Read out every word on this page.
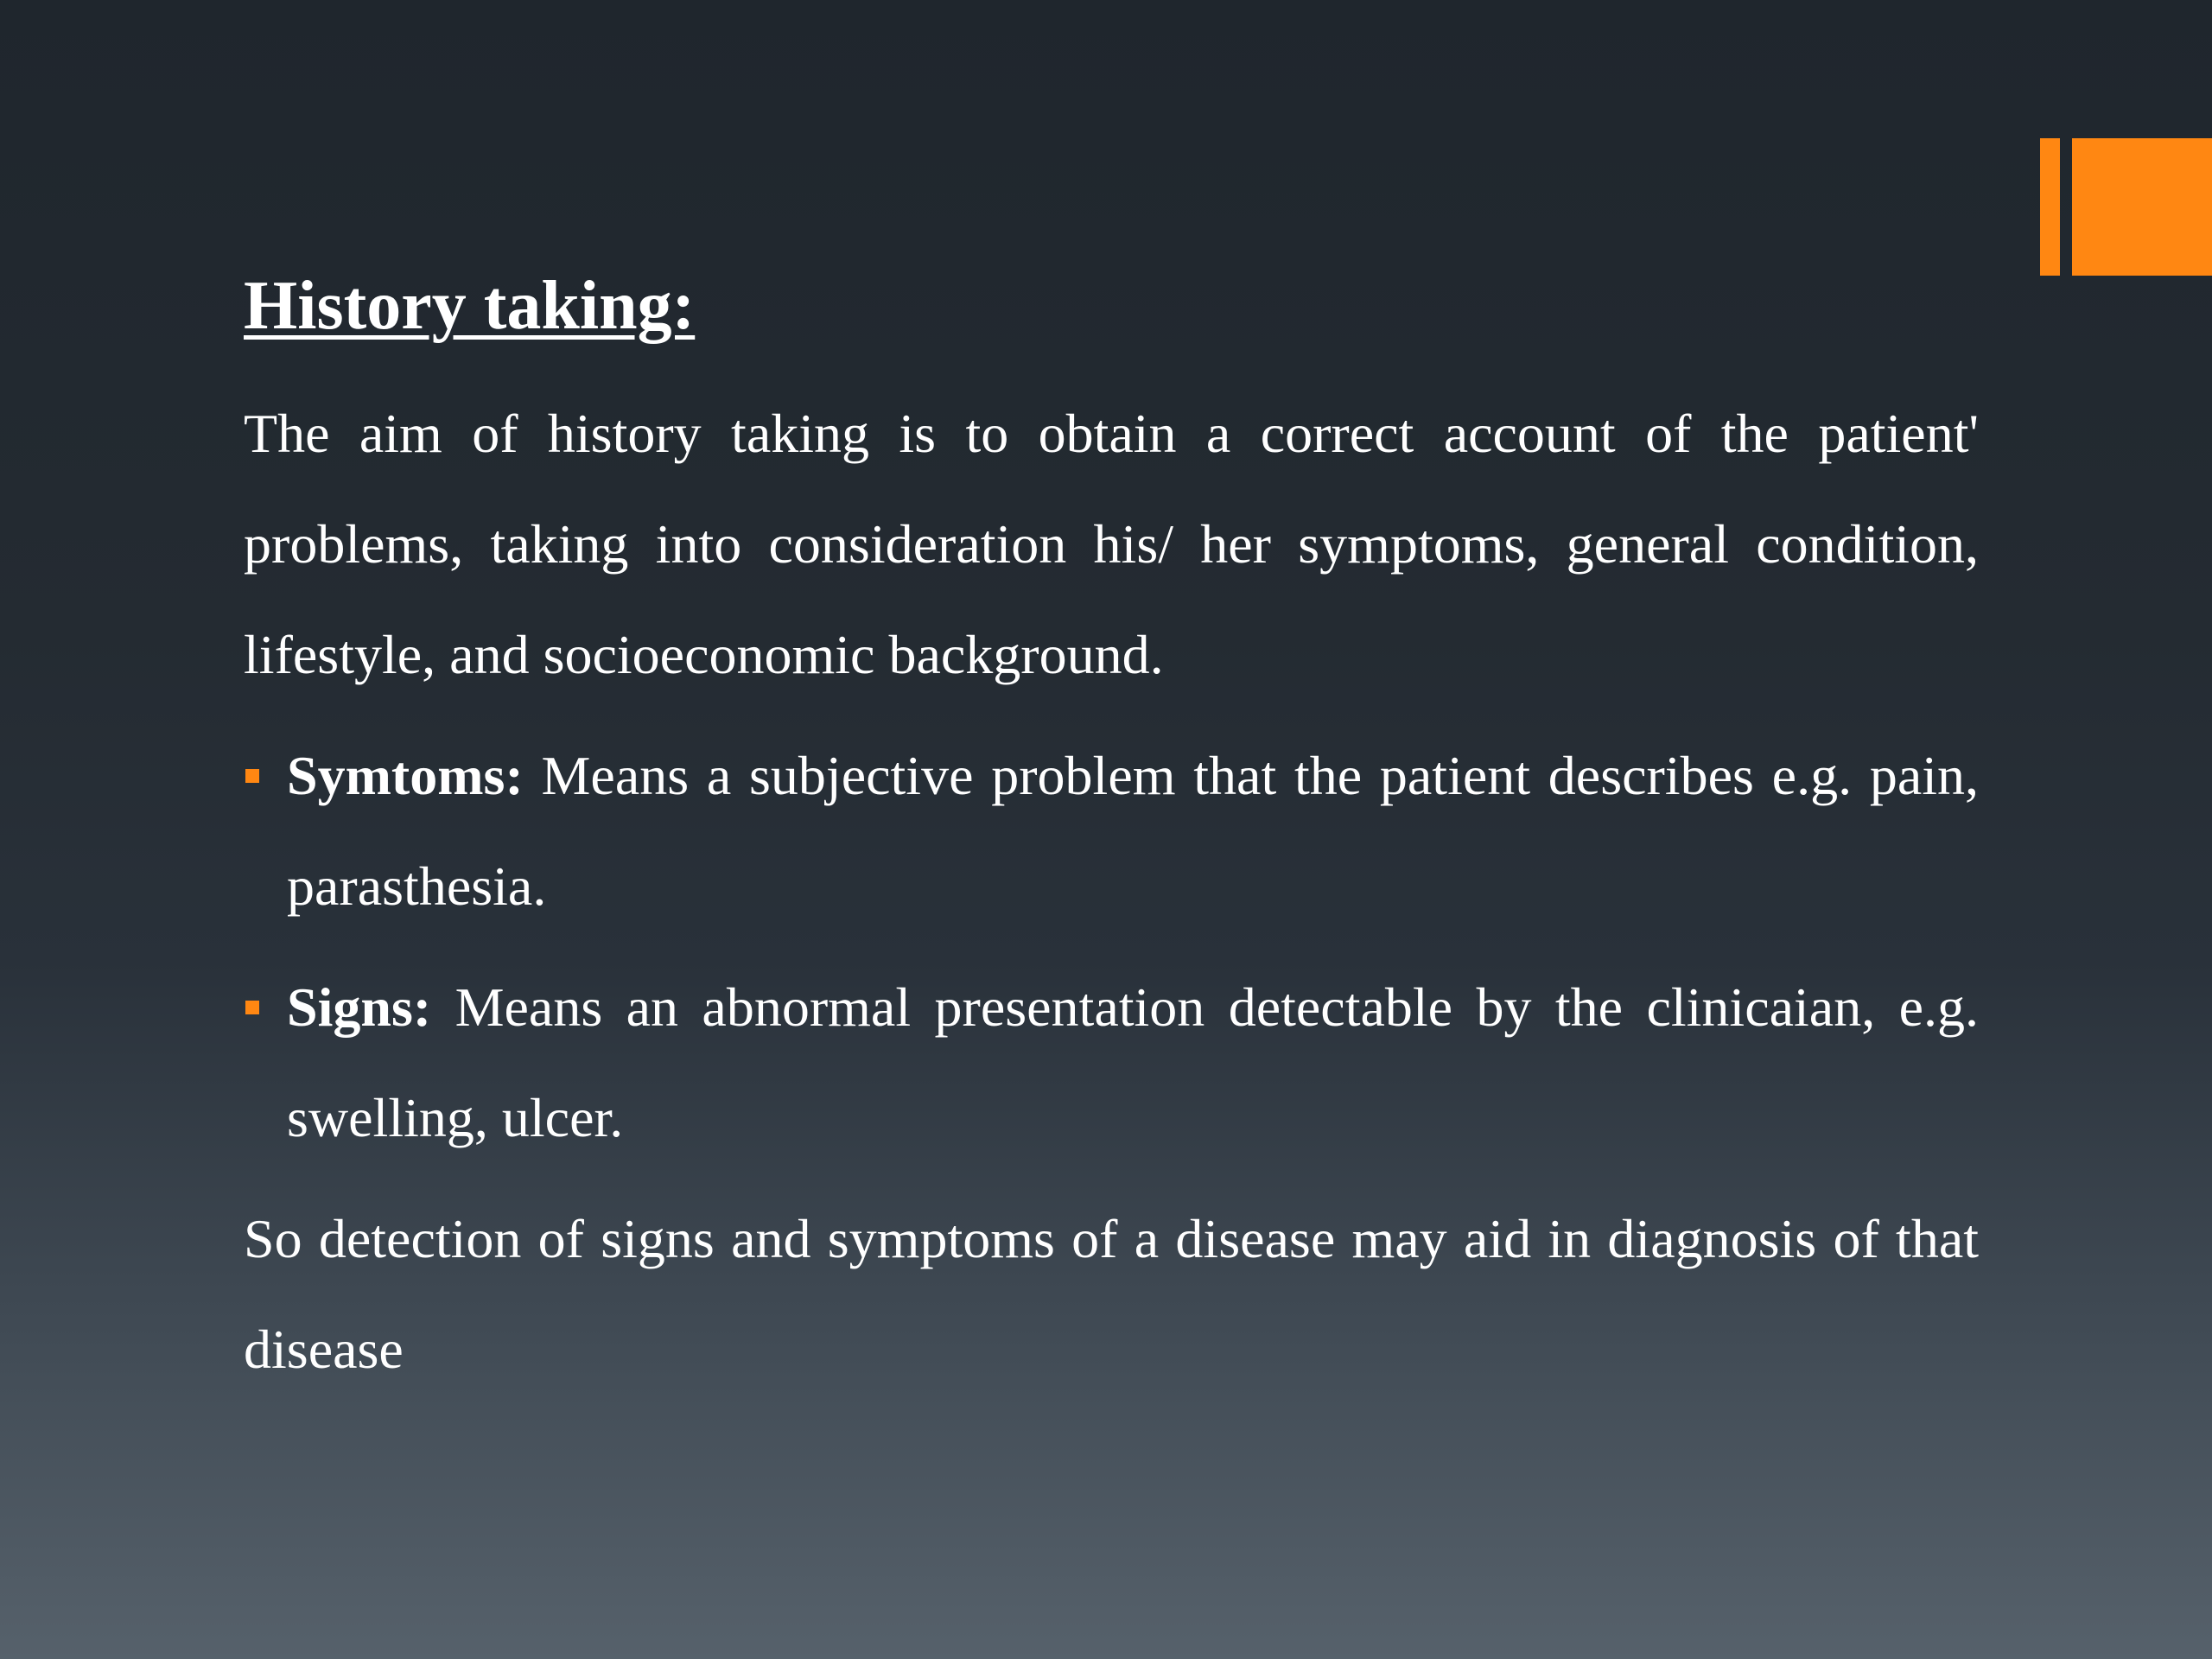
History taking:

The aim of history taking is to obtain a correct account of the patient' problems, taking into consideration his/ her symptoms, general condition, lifestyle, and socioeconomic background.

Symtoms: Means a subjective problem that the patient describes e.g. pain, parasthesia.
Signs: Means an abnormal presentation detectable by the clinicaian, e.g. swelling, ulcer.

So detection of signs and symptoms of a disease may aid in diagnosis of that disease
